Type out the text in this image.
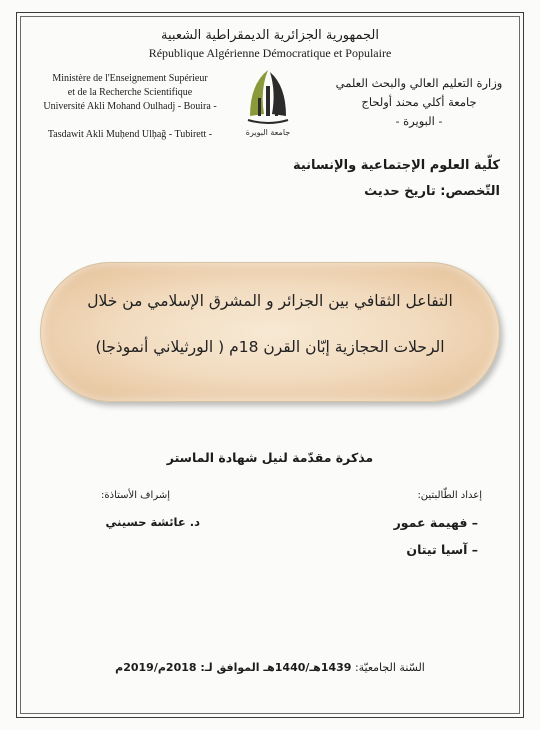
الجمهورية الجزائرية الديمقراطية الشعبية
République Algérienne Démocratique et Populaire
Ministère de l'Enseignement Supérieur
et de la Recherche Scientifique
Université Akli Mohand Oulhadj - Bouira -
Tasdawit Akli Muḥend Ulḥağ - Tubirett -
وزارة التعليم العالي والبحث العلمي
جامعة أكلي محند أولحاج
- البويرة -
جامعة البويرة
كلّية العلوم الإجتماعية والإنسانية
التّخصص: تاريخ حديث
التفاعل الثقافي بين الجزائر و المشرق الإسلامي من خلال
الرحلات الحجازية إبّان القرن 18م ( الورثيلاني أنموذجا)
مذكرة مقدّمة لنيل شهادة الماستر
إشراف الأستاذة:
د. عائشة حسيني
إعداد الطّالبتين:
– فهيمة عمور
– آسيا تيتان
السّنة الجامعيّة: 1439هـ/1440هـ الموافق لـ: 2018م/2019م
